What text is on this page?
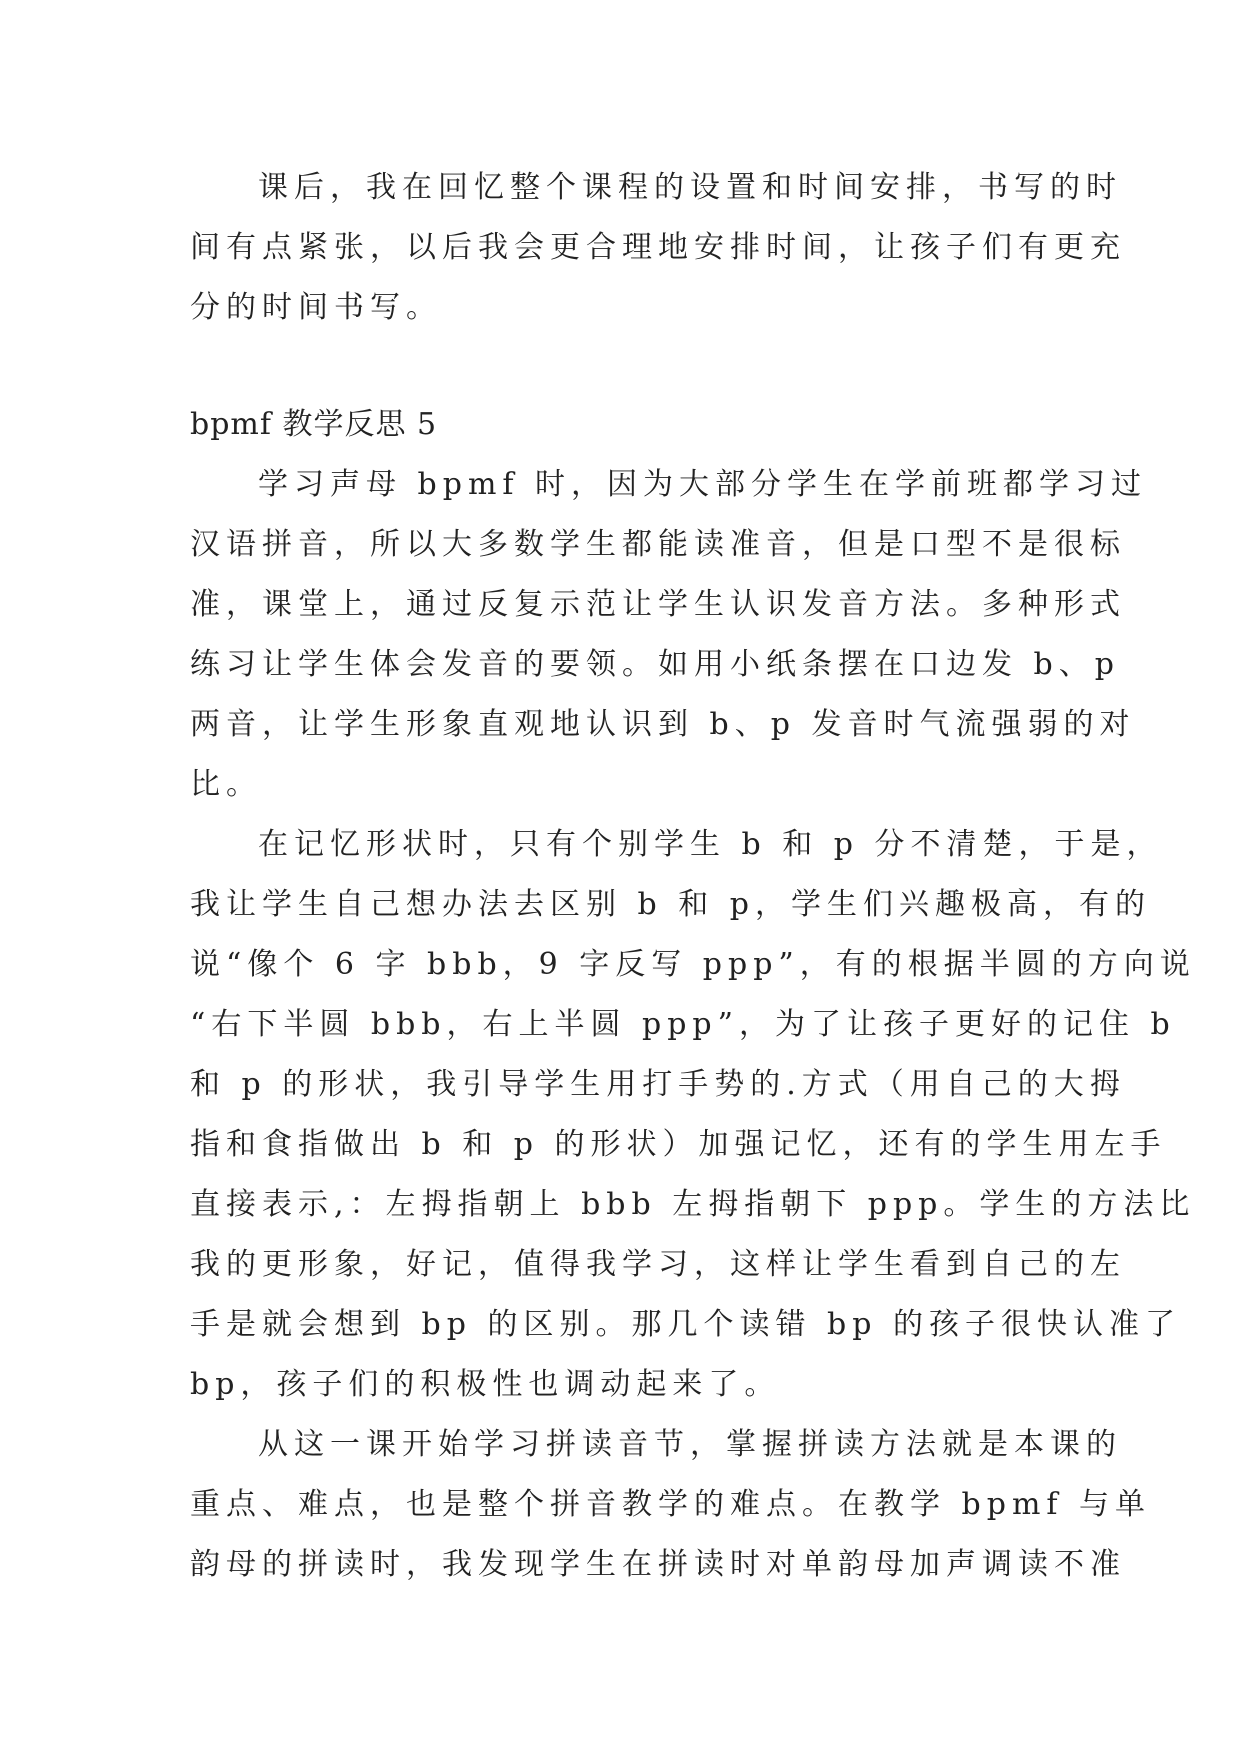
课后，我在回忆整个课程的设置和时间安排，书写的时
间有点紧张，以后我会更合理地安排时间，让孩子们有更充
分的时间书写。
bpmf 教学反思 5
学习声母 bpmf 时，因为大部分学生在学前班都学习过
汉语拼音，所以大多数学生都能读准音，但是口型不是很标
准，课堂上，通过反复示范让学生认识发音方法。多种形式
练习让学生体会发音的要领。如用小纸条摆在口边发 b、p
两音，让学生形象直观地认识到 b、p 发音时气流强弱的对
比。
在记忆形状时，只有个别学生 b 和 p 分不清楚，于是，
我让学生自己想办法去区别 b 和 p，学生们兴趣极高，有的
说“像个 6 字 bbb，9 字反写 ppp”，有的根据半圆的方向说
“右下半圆 bbb，右上半圆 ppp”，为了让孩子更好的记住 b
和 p 的形状，我引导学生用打手势的.方式（用自己的大拇
指和食指做出 b 和 p 的形状）加强记忆，还有的学生用左手
直接表示,：左拇指朝上 bbb 左拇指朝下 ppp。学生的方法比
我的更形象，好记，值得我学习，这样让学生看到自己的左
手是就会想到 bp 的区别。那几个读错 bp 的孩子很快认准了
bp，孩子们的积极性也调动起来了。
从这一课开始学习拼读音节，掌握拼读方法就是本课的
重点、难点，也是整个拼音教学的难点。在教学 bpmf 与单
韵母的拼读时，我发现学生在拼读时对单韵母加声调读不准
